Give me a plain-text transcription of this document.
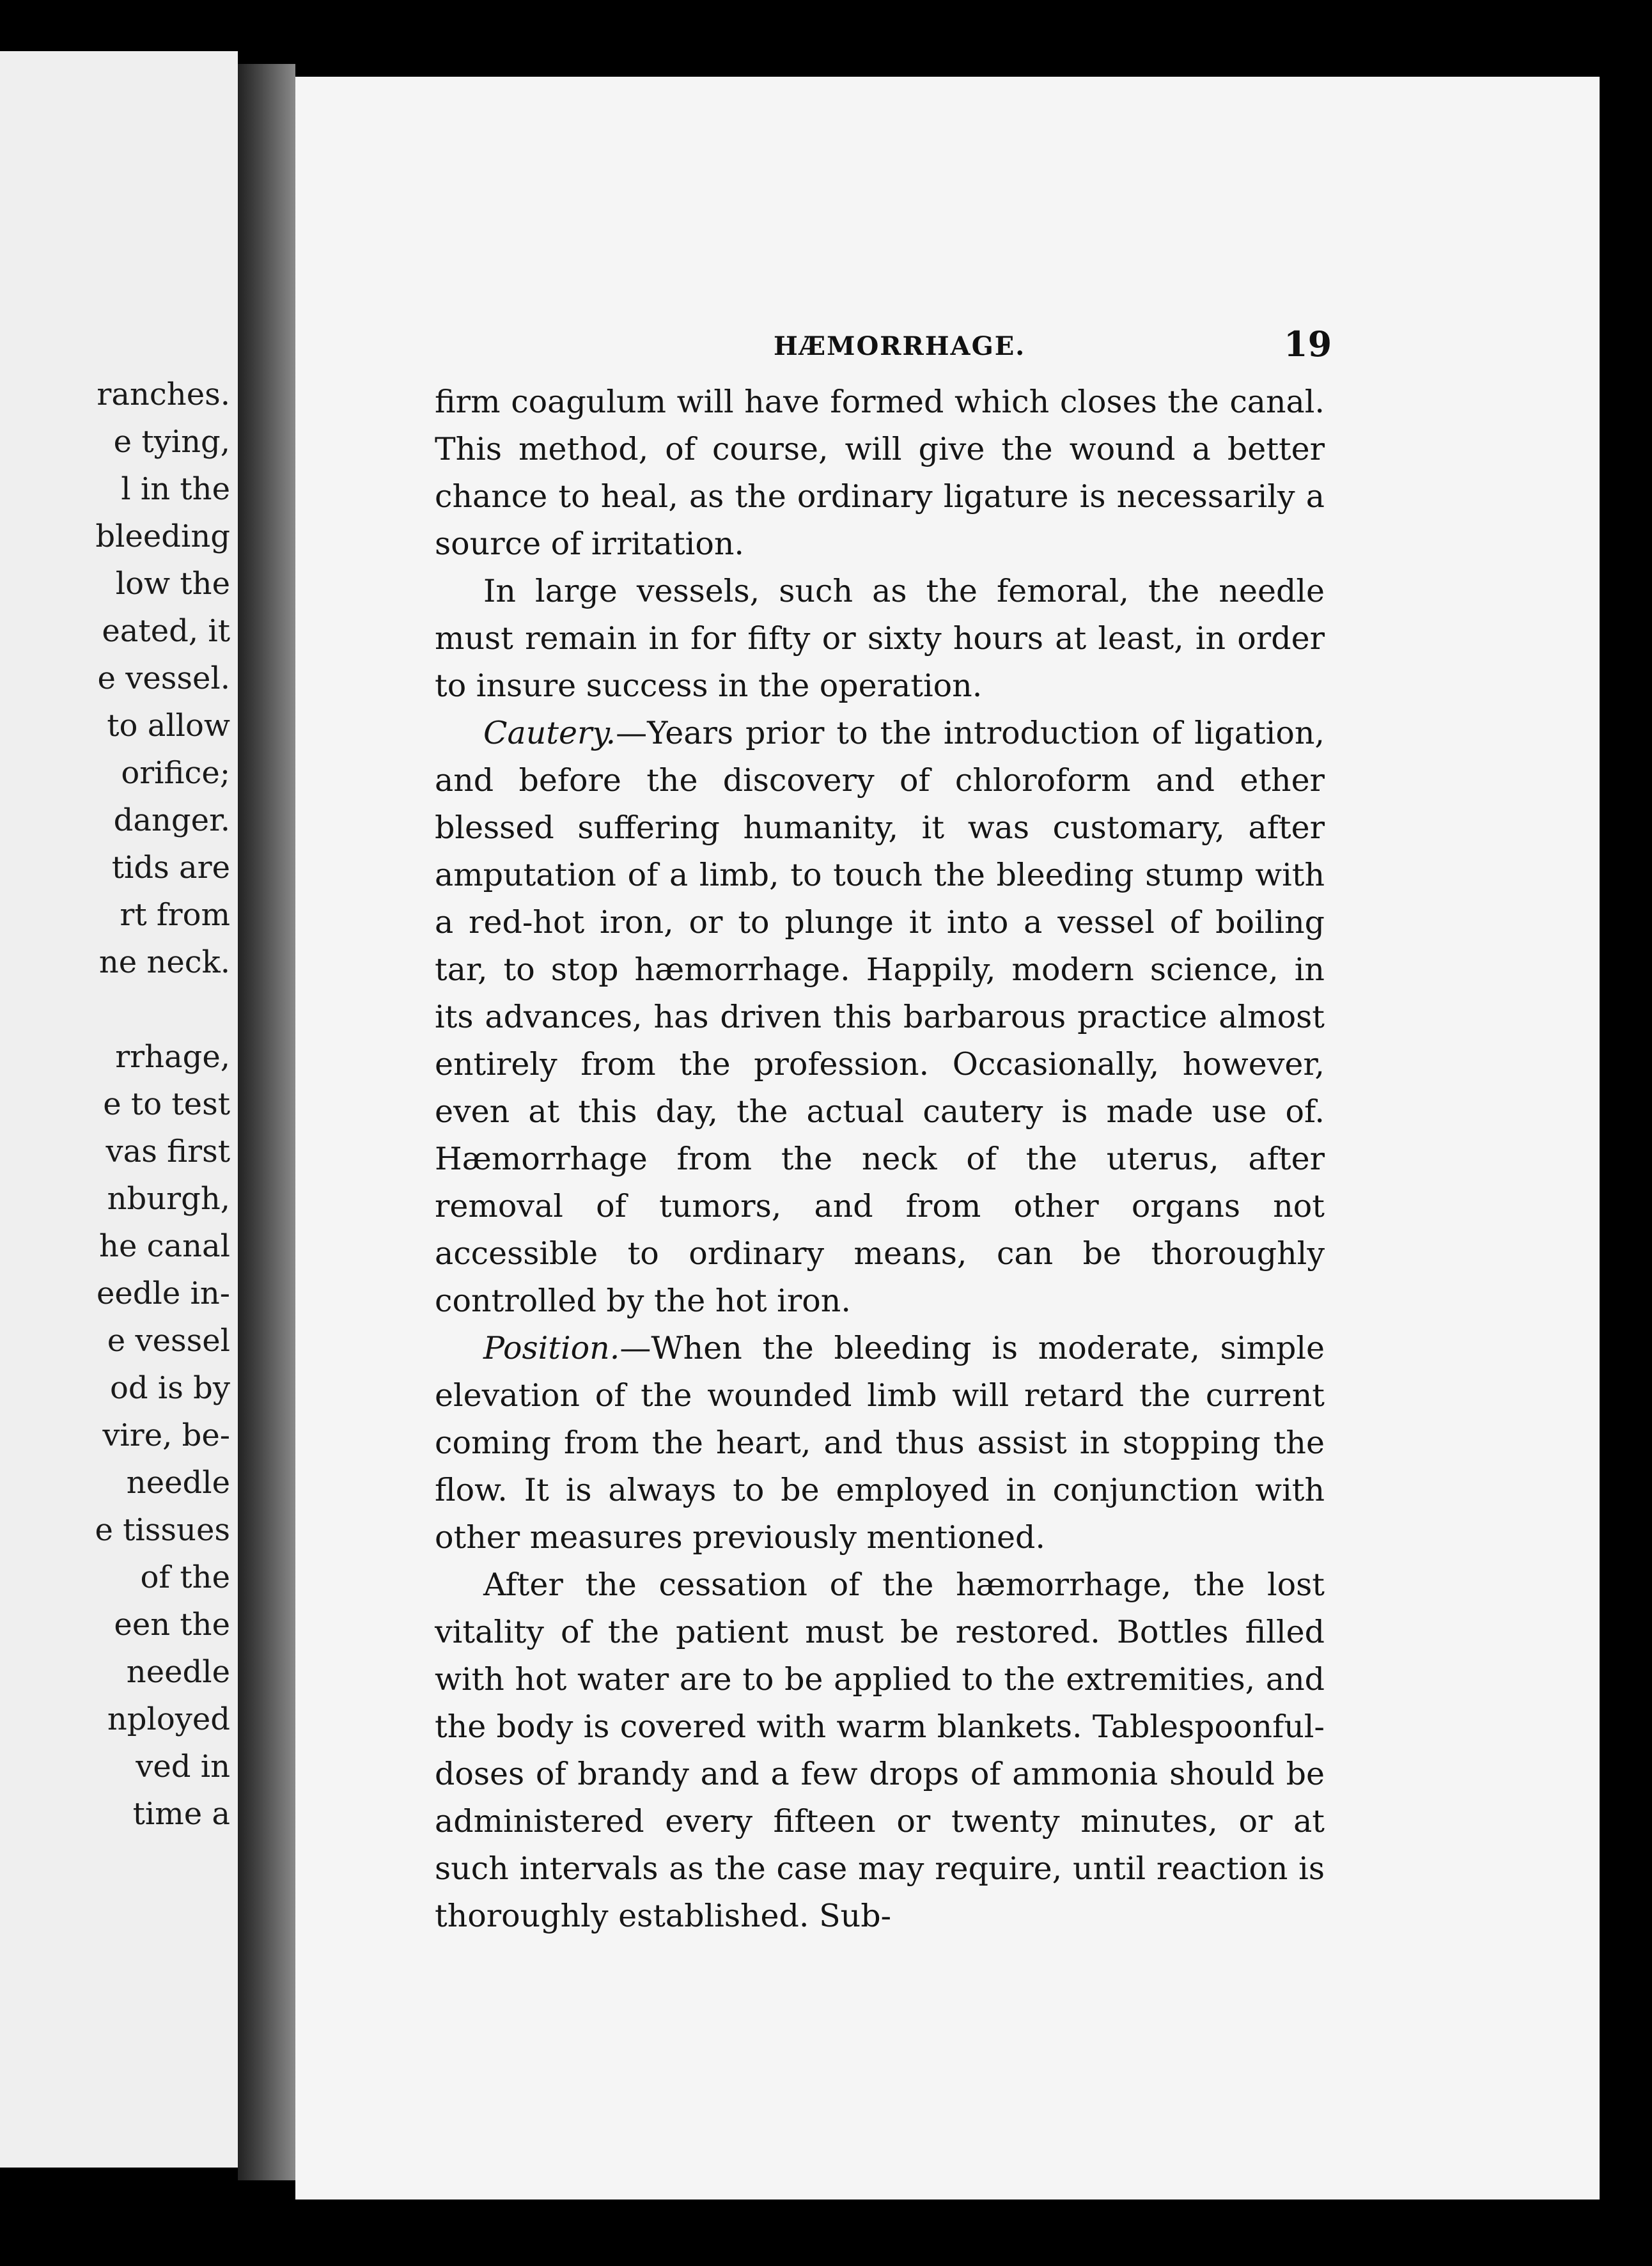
ranches.
e tying,
l in the
bleeding
low the
eated, it
e vessel.
to allow
orifice;
danger.
tids are
rt from
ne neck.
rrhage,
e to test
vas first
nburgh,
he canal
eedle in-
e vessel
od is by
vire, be-
needle
e tissues
of the
een the
needle
nployed
ved in
time a
HÆMORRHAGE.	19

firm coagulum will have formed which closes the canal. This method, of course, will give the wound a better chance to heal, as the ordinary ligature is necessarily a source of irritation.

In large vessels, such as the femoral, the needle must remain in for fifty or sixty hours at least, in order to insure success in the operation.

Cautery.—Years prior to the introduction of ligation, and before the discovery of chloroform and ether blessed suffering humanity, it was customary, after amputation of a limb, to touch the bleeding stump with a red-hot iron, or to plunge it into a vessel of boiling tar, to stop hæmorrhage. Happily, modern science, in its advances, has driven this barbarous practice almost entirely from the profession. Occasionally, however, even at this day, the actual cautery is made use of. Hæmorrhage from the neck of the uterus, after removal of tumors, and from other organs not accessible to ordinary means, can be thoroughly controlled by the hot iron.

Position.—When the bleeding is moderate, simple elevation of the wounded limb will retard the current coming from the heart, and thus assist in stopping the flow. It is always to be employed in conjunction with other measures previously mentioned.

After the cessation of the hæmorrhage, the lost vitality of the patient must be restored. Bottles filled with hot water are to be applied to the extremities, and the body is covered with warm blankets. Tablespoonful-doses of brandy and a few drops of ammonia should be administered every fifteen or twenty minutes, or at such intervals as the case may require, until reaction is thoroughly established. Sub-
